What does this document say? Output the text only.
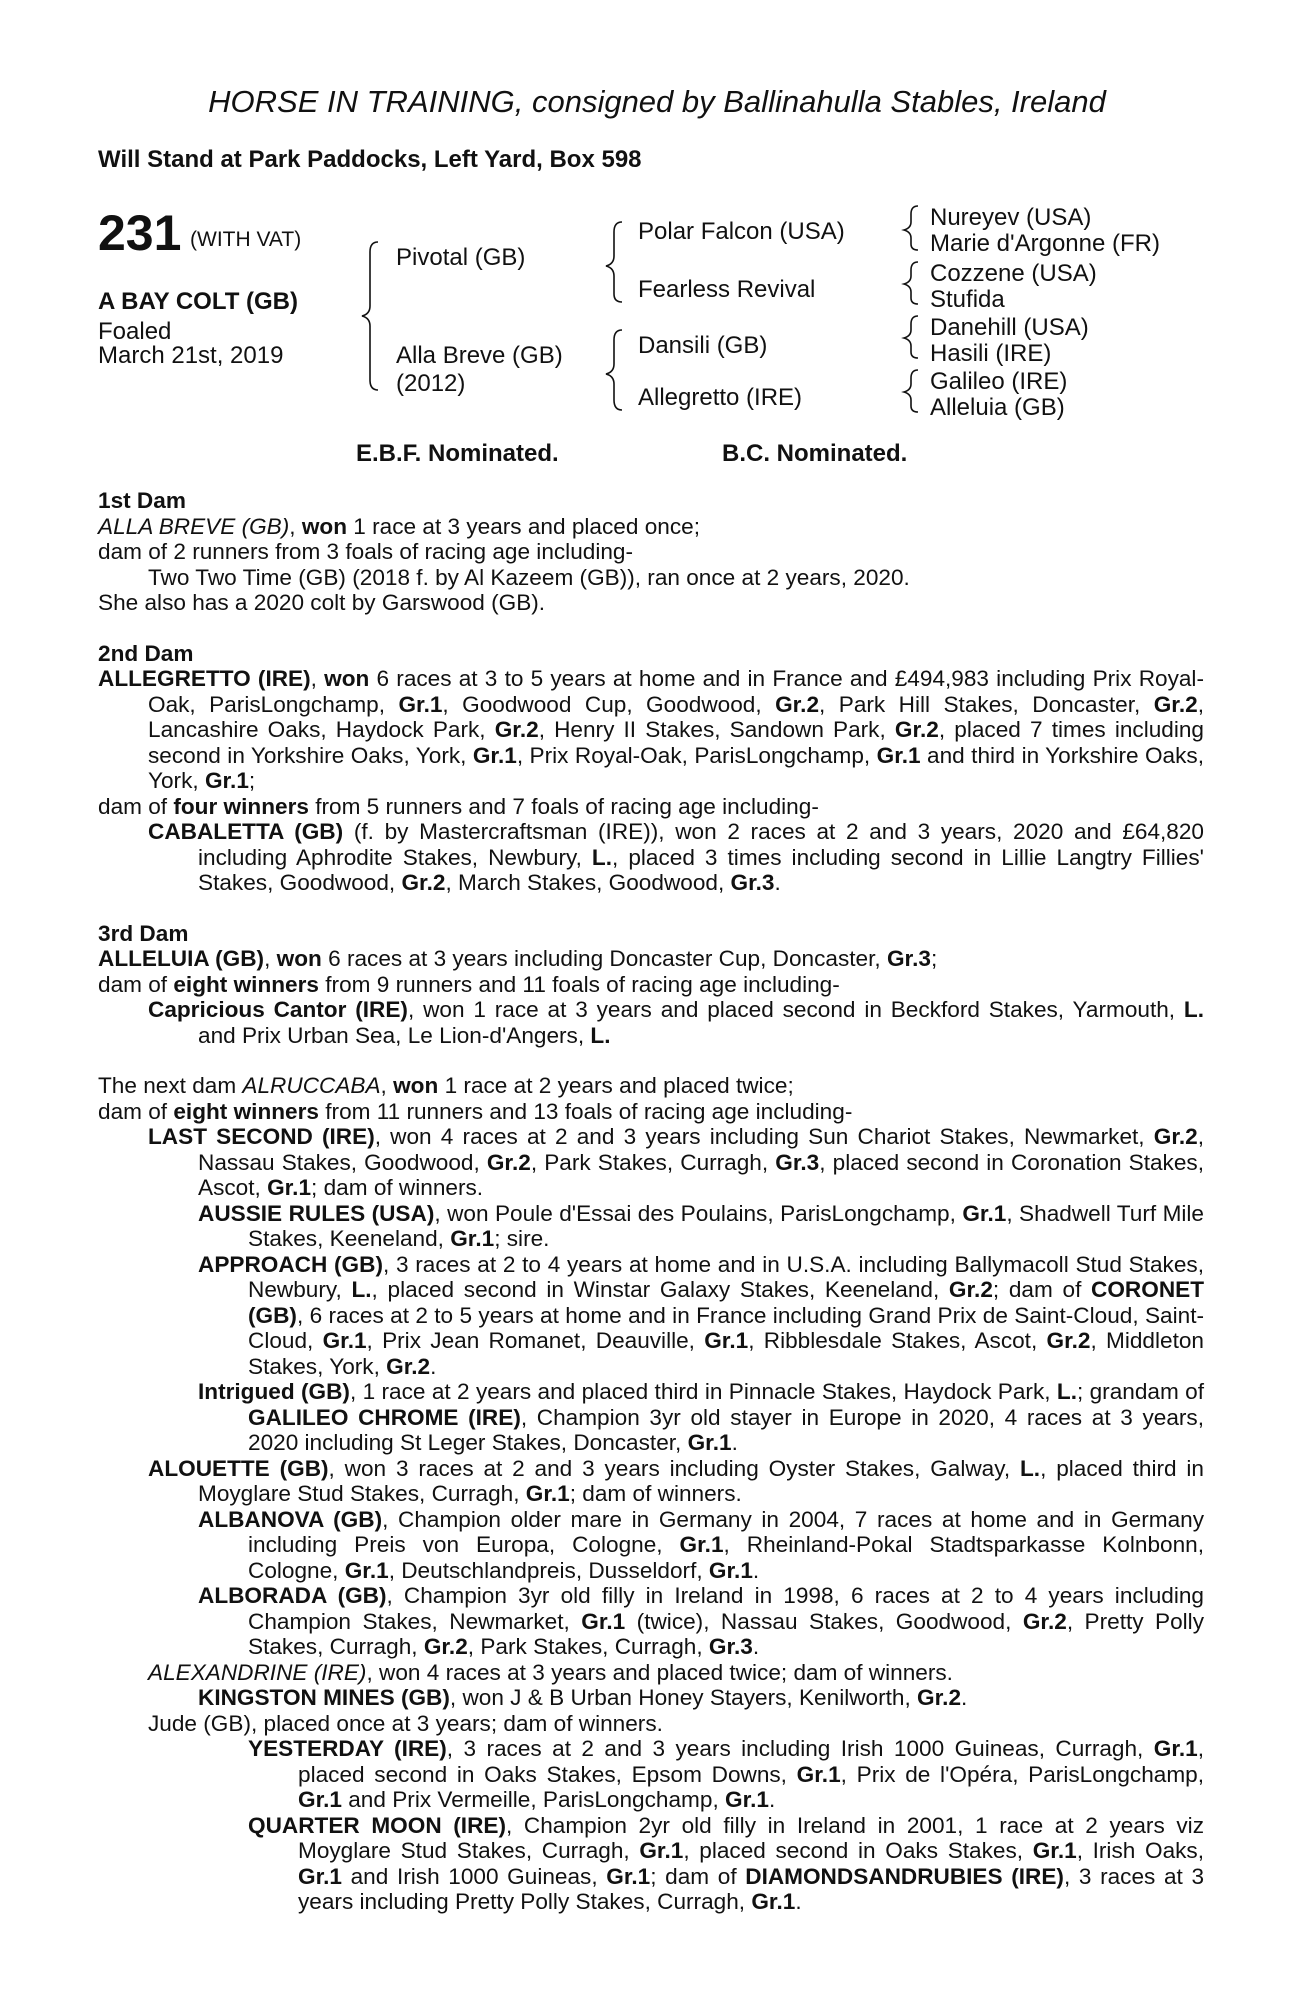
HORSE IN TRAINING, consigned by Ballinahulla Stables, Ireland
Will Stand at Park Paddocks, Left Yard, Box 598
231 (WITH VAT)
A BAY COLT (GB)
Foaled
March 21st, 2019
Pivotal (GB)
Alla Breve (GB)
(2012)
Polar Falcon (USA)
Fearless Revival
Dansili (GB)
Allegretto (IRE)
Nureyev (USA)
Marie d'Argonne (FR)
Cozzene (USA)
Stufida
Danehill (USA)
Hasili (IRE)
Galileo (IRE)
Alleluia (GB)
E.B.F. Nominated.	B.C. Nominated.
1st Dam
ALLA BREVE (GB), won 1 race at 3 years and placed once;
dam of 2 runners from 3 foals of racing age including-
Two Two Time (GB) (2018 f. by Al Kazeem (GB)), ran once at 2 years, 2020.
She also has a 2020 colt by Garswood (GB).
2nd Dam
ALLEGRETTO (IRE), won 6 races at 3 to 5 years at home and in France and £494,983 including Prix Royal-Oak, ParisLongchamp, Gr.1, Goodwood Cup, Goodwood, Gr.2, Park Hill Stakes, Doncaster, Gr.2, Lancashire Oaks, Haydock Park, Gr.2, Henry II Stakes, Sandown Park, Gr.2, placed 7 times including second in Yorkshire Oaks, York, Gr.1, Prix Royal-Oak, ParisLongchamp, Gr.1 and third in Yorkshire Oaks, York, Gr.1;
dam of four winners from 5 runners and 7 foals of racing age including-
CABALETTA (GB) (f. by Mastercraftsman (IRE)), won 2 races at 2 and 3 years, 2020 and £64,820 including Aphrodite Stakes, Newbury, L., placed 3 times including second in Lillie Langtry Fillies' Stakes, Goodwood, Gr.2, March Stakes, Goodwood, Gr.3.
3rd Dam
ALLELUIA (GB), won 6 races at 3 years including Doncaster Cup, Doncaster, Gr.3;
dam of eight winners from 9 runners and 11 foals of racing age including-
Capricious Cantor (IRE), won 1 race at 3 years and placed second in Beckford Stakes, Yarmouth, L. and Prix Urban Sea, Le Lion-d'Angers, L.
The next dam ALRUCCABA, won 1 race at 2 years and placed twice;
dam of eight winners from 11 runners and 13 foals of racing age including-
LAST SECOND (IRE), won 4 races at 2 and 3 years including Sun Chariot Stakes, Newmarket, Gr.2, Nassau Stakes, Goodwood, Gr.2, Park Stakes, Curragh, Gr.3, placed second in Coronation Stakes, Ascot, Gr.1; dam of winners.
AUSSIE RULES (USA), won Poule d'Essai des Poulains, ParisLongchamp, Gr.1, Shadwell Turf Mile Stakes, Keeneland, Gr.1; sire.
APPROACH (GB), 3 races at 2 to 4 years at home and in U.S.A. including Ballymacoll Stud Stakes, Newbury, L., placed second in Winstar Galaxy Stakes, Keeneland, Gr.2; dam of CORONET (GB), 6 races at 2 to 5 years at home and in France including Grand Prix de Saint-Cloud, Saint-Cloud, Gr.1, Prix Jean Romanet, Deauville, Gr.1, Ribblesdale Stakes, Ascot, Gr.2, Middleton Stakes, York, Gr.2.
Intrigued (GB), 1 race at 2 years and placed third in Pinnacle Stakes, Haydock Park, L.; grandam of GALILEO CHROME (IRE), Champion 3yr old stayer in Europe in 2020, 4 races at 3 years, 2020 including St Leger Stakes, Doncaster, Gr.1.
ALOUETTE (GB), won 3 races at 2 and 3 years including Oyster Stakes, Galway, L., placed third in Moyglare Stud Stakes, Curragh, Gr.1; dam of winners.
ALBANOVA (GB), Champion older mare in Germany in 2004, 7 races at home and in Germany including Preis von Europa, Cologne, Gr.1, Rheinland-Pokal Stadtsparkasse Kolnbonn, Cologne, Gr.1, Deutschlandpreis, Dusseldorf, Gr.1.
ALBORADA (GB), Champion 3yr old filly in Ireland in 1998, 6 races at 2 to 4 years including Champion Stakes, Newmarket, Gr.1 (twice), Nassau Stakes, Goodwood, Gr.2, Pretty Polly Stakes, Curragh, Gr.2, Park Stakes, Curragh, Gr.3.
ALEXANDRINE (IRE), won 4 races at 3 years and placed twice; dam of winners.
KINGSTON MINES (GB), won J & B Urban Honey Stayers, Kenilworth, Gr.2.
Jude (GB), placed once at 3 years; dam of winners.
YESTERDAY (IRE), 3 races at 2 and 3 years including Irish 1000 Guineas, Curragh, Gr.1, placed second in Oaks Stakes, Epsom Downs, Gr.1, Prix de l'Opéra, ParisLongchamp, Gr.1 and Prix Vermeille, ParisLongchamp, Gr.1.
QUARTER MOON (IRE), Champion 2yr old filly in Ireland in 2001, 1 race at 2 years viz Moyglare Stud Stakes, Curragh, Gr.1, placed second in Oaks Stakes, Gr.1, Irish Oaks, Gr.1 and Irish 1000 Guineas, Gr.1; dam of DIAMONDSANDRUBIES (IRE), 3 races at 3 years including Pretty Polly Stakes, Curragh, Gr.1.
